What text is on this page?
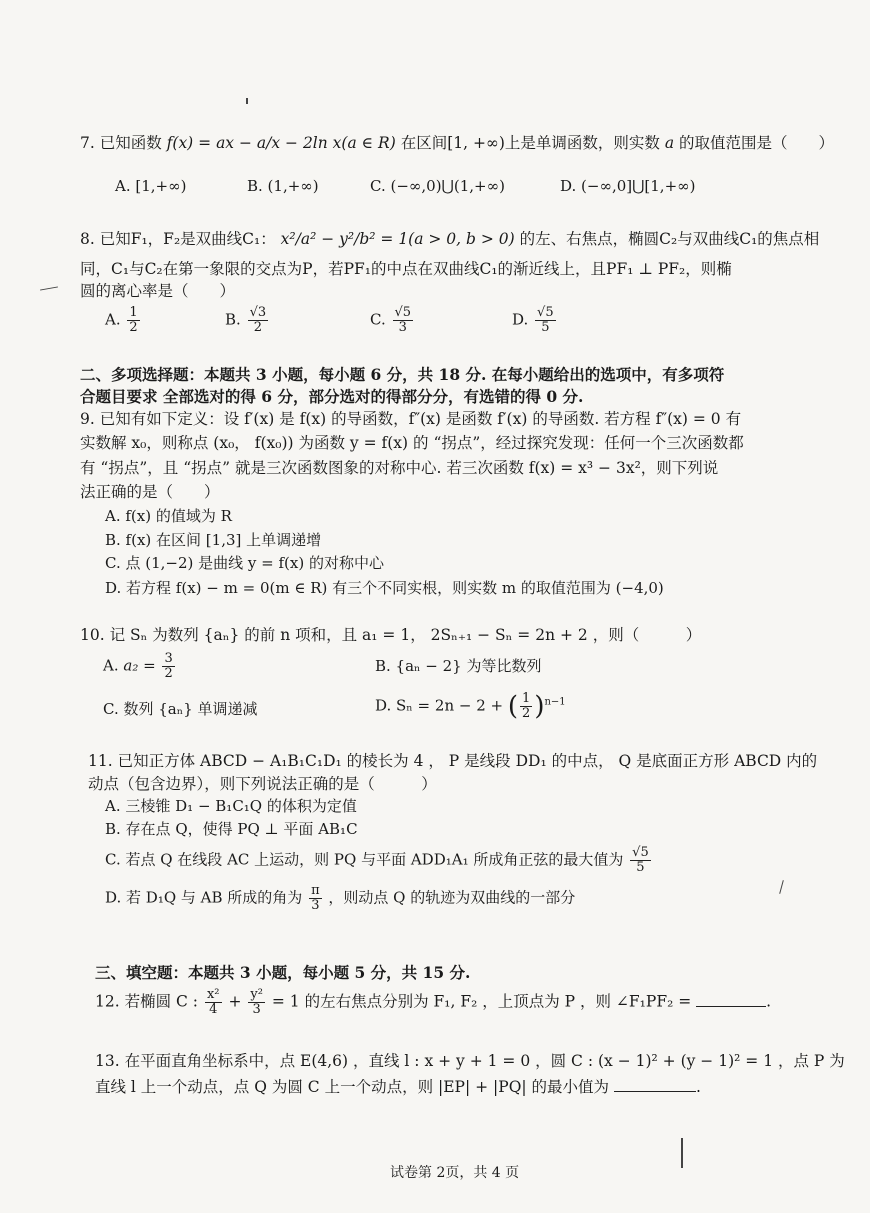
7. 已知函数 f(x) = ax − a/x − 2ln x(a ∈ R) 在区间[1, +∞)上是单调函数，则实数 a 的取值范围是（　　）
A. [1,+∞)	B. (1,+∞)	C. (−∞,0)⋃(1,+∞)	D. (−∞,0]⋃[1,+∞)
8. 已知F₁，F₂是双曲线C₁： x²/a² − y²/b² = 1(a > 0, b > 0) 的左、右焦点，椭圆C₂与双曲线C₁的焦点相
同，C₁与C₂在第一象限的交点为P，若PF₁的中点在双曲线C₁的渐近线上，且PF₁ ⊥ PF₂，则椭
圆的离心率是（　　）
A. $\frac{1}{2}$	B. $\frac{√3}{2}$	C. $\frac{√5}{3}$	D. $\frac{√5}{5}$
二、多项选择题：本题共 3 小题，每小题 6 分，共 18 分. 在每小题给出的选项中，有多项符
合题目要求 全部选对的得 6 分，部分选对的得部分分，有选错的得 0 分.
9. 已知有如下定义：设 f′(x) 是 f(x) 的导函数，f″(x) 是函数 f′(x) 的导函数. 若方程 f″(x) = 0 有
实数解 x₀，则称点 (x₀， f(x₀)) 为函数 y = f(x) 的 “拐点”，经过探究发现：任何一个三次函数都
有 “拐点”，且 “拐点” 就是三次函数图象的对称中心. 若三次函数 f(x) = x³ − 3x²，则下列说
法正确的是（　　）
A. f(x) 的值域为 R
B. f(x) 在区间 [1,3] 上单调递增
C. 点 (1,−2) 是曲线 y = f(x) 的对称中心
D. 若方程 f(x) − m = 0(m ∈ R) 有三个不同实根，则实数 m 的取值范围为 (−4,0)
10. 记 Sₙ 为数列 {aₙ} 的前 n 项和，且 a₁ = 1， 2Sₙ₊₁ − Sₙ = 2n + 2 ，则（　　　）
A. $a_2 = \frac{3}{2}$	B. {aₙ − 2} 为等比数列
C. 数列 {aₙ} 单调递减	D. Sₙ = 2n − 2 + ( $\frac{1}{2} )^{n-1}$
11. 已知正方体 ABCD − A₁B₁C₁D₁ 的棱长为 4 ， P 是线段 DD₁ 的中点， Q 是底面正方形 ABCD 内的
动点（包含边界），则下列说法正确的是（　　　）
A. 三棱锥 D₁ − B₁C₁Q 的体积为定值
B. 存在点 Q，使得 PQ ⊥ 平面 AB₁C
C. 若点 Q 在线段 AC 上运动，则 PQ 与平面 ADD₁A₁ 所成角正弦的最大值为 $\frac{√5}{5}$
D. 若 D₁Q 与 AB 所成的角为 $\frac{\pi}{3}$ ，则动点 Q 的轨迹为双曲线的一部分
三、填空题：本题共 3 小题，每小题 5 分，共 15 分.
12. 若椭圆 C : $\frac{\text{x²}}{4} + \frac{\text{y²}}{3} = 1$ 的左右焦点分别为 F₁, F₂ ，上顶点为 P ，则 ∠F₁PF₂ =	.
13. 在平面直角坐标系中，点 E(4,6) ，直线 l : x + y + 1 = 0 ，圆 C : (x − 1)² + (y − 1)² = 1 ，点 P 为
直线 l 上一个动点，点 Q 为圆 C 上一个动点，则 |EP| + |PQ| 的最小值为	.
试卷第 2页，共 4 页
